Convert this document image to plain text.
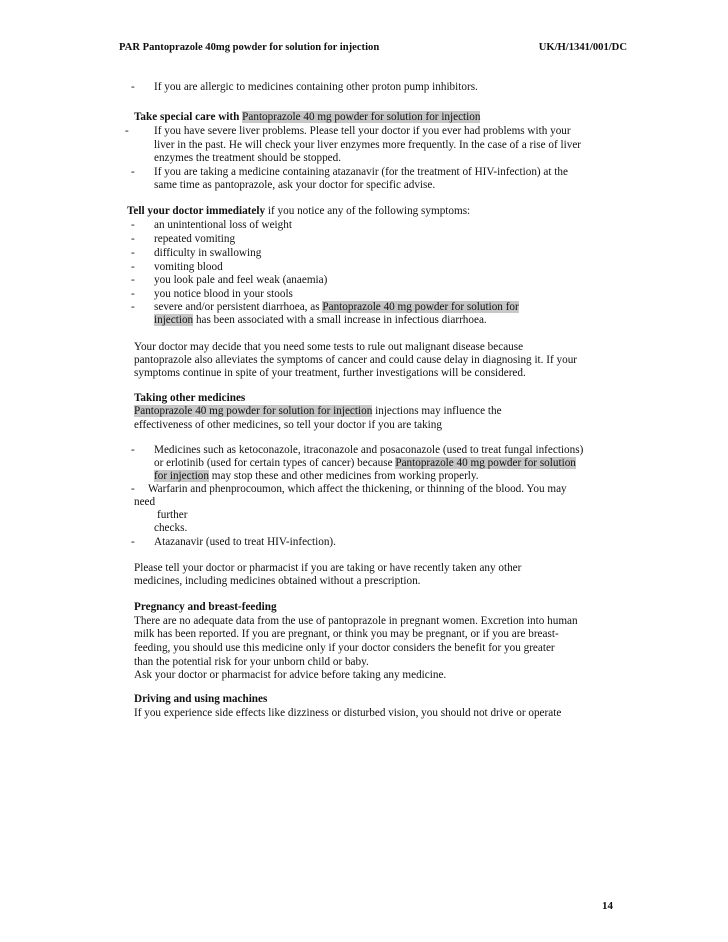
PAR Pantoprazole 40mg powder for solution for injection	UK/H/1341/001/DC
- If you are allergic to medicines containing other proton pump inhibitors.
Take special care with Pantoprazole 40 mg powder for solution for injection
- If you have severe liver problems. Please tell your doctor if you ever had problems with your
liver in the past. He will check your liver enzymes more frequently. In the case of a rise of liver
enzymes the treatment should be stopped.
- If you are taking a medicine containing atazanavir (for the treatment of HIV-infection) at the
same time as pantoprazole, ask your doctor for specific advise.
Tell your doctor immediately if you notice any of the following symptoms:
- an unintentional loss of weight
- repeated vomiting
- difficulty in swallowing
- vomiting blood
- you look pale and feel weak (anaemia)
- you notice blood in your stools
- severe and/or persistent diarrhoea, as Pantoprazole 40 mg powder for solution for
injection has been associated with a small increase in infectious diarrhoea.
Your doctor may decide that you need some tests to rule out malignant disease because
pantoprazole also alleviates the symptoms of cancer and could cause delay in diagnosing it. If your
symptoms continue in spite of your treatment, further investigations will be considered.
Taking other medicines
Pantoprazole 40 mg powder for solution for injection injections may influence the
effectiveness of other medicines, so tell your doctor if you are taking
- Medicines such as ketoconazole, itraconazole and posaconazole (used to treat fungal infections)
or erlotinib (used for certain types of cancer) because Pantoprazole 40 mg powder for solution
for injection may stop these and other medicines from working properly.
- Warfarin and phenprocoumon, which affect the thickening, or thinning of the blood. You may
need
further
checks.
- Atazanavir (used to treat HIV-infection).
Please tell your doctor or pharmacist if you are taking or have recently taken any other
medicines, including medicines obtained without a prescription.
Pregnancy and breast-feeding
There are no adequate data from the use of pantoprazole in pregnant women. Excretion into human
milk has been reported. If you are pregnant, or think you may be pregnant, or if you are breast-
feeding, you should use this medicine only if your doctor considers the benefit for you greater
than the potential risk for your unborn child or baby.
Ask your doctor or pharmacist for advice before taking any medicine.
Driving and using machines
If you experience side effects like dizziness or disturbed vision, you should not drive or operate
14
